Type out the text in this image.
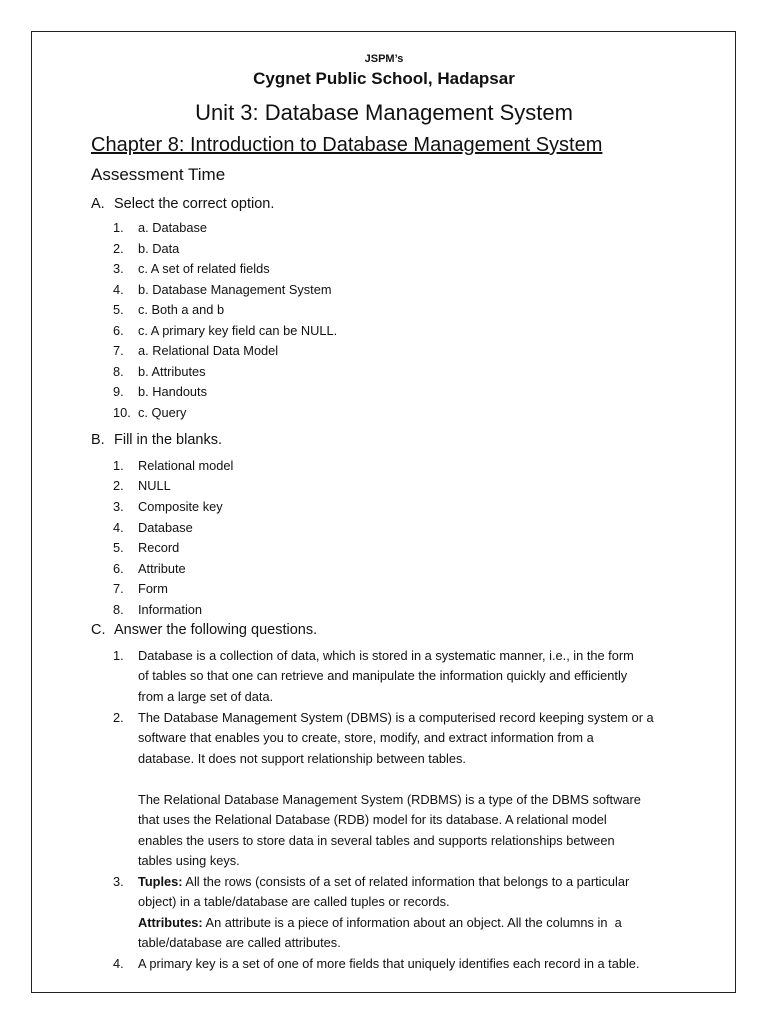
JSPM’s
Cygnet Public School, Hadapsar
Unit 3: Database Management System
Chapter 8: Introduction to Database Management System
Assessment Time
A. Select the correct option.
1. a. Database
2. b. Data
3. c. A set of related fields
4. b. Database Management System
5. c. Both a and b
6. c. A primary key field can be NULL.
7. a. Relational Data Model
8. b. Attributes
9. b. Handouts
10. c. Query
B. Fill in the blanks.
1. Relational model
2. NULL
3. Composite key
4. Database
5. Record
6. Attribute
7. Form
8. Information
C. Answer the following questions.
1. Database is a collection of data, which is stored in a systematic manner, i.e., in the form
of tables so that one can retrieve and manipulate the information quickly and efficiently
from a large set of data.
2. The Database Management System (DBMS) is a computerised record keeping system or a
software that enables you to create, store, modify, and extract information from a
database. It does not support relationship between tables.
The Relational Database Management System (RDBMS) is a type of the DBMS software
that uses the Relational Database (RDB) model for its database. A relational model
enables the users to store data in several tables and supports relationships between
tables using keys.
3. Tuples: All the rows (consists of a set of related information that belongs to a particular
object) in a table/database are called tuples or records.
Attributes: An attribute is a piece of information about an object. All the columns in  a
table/database are called attributes.
4. A primary key is a set of one of more fields that uniquely identifies each record in a table.
